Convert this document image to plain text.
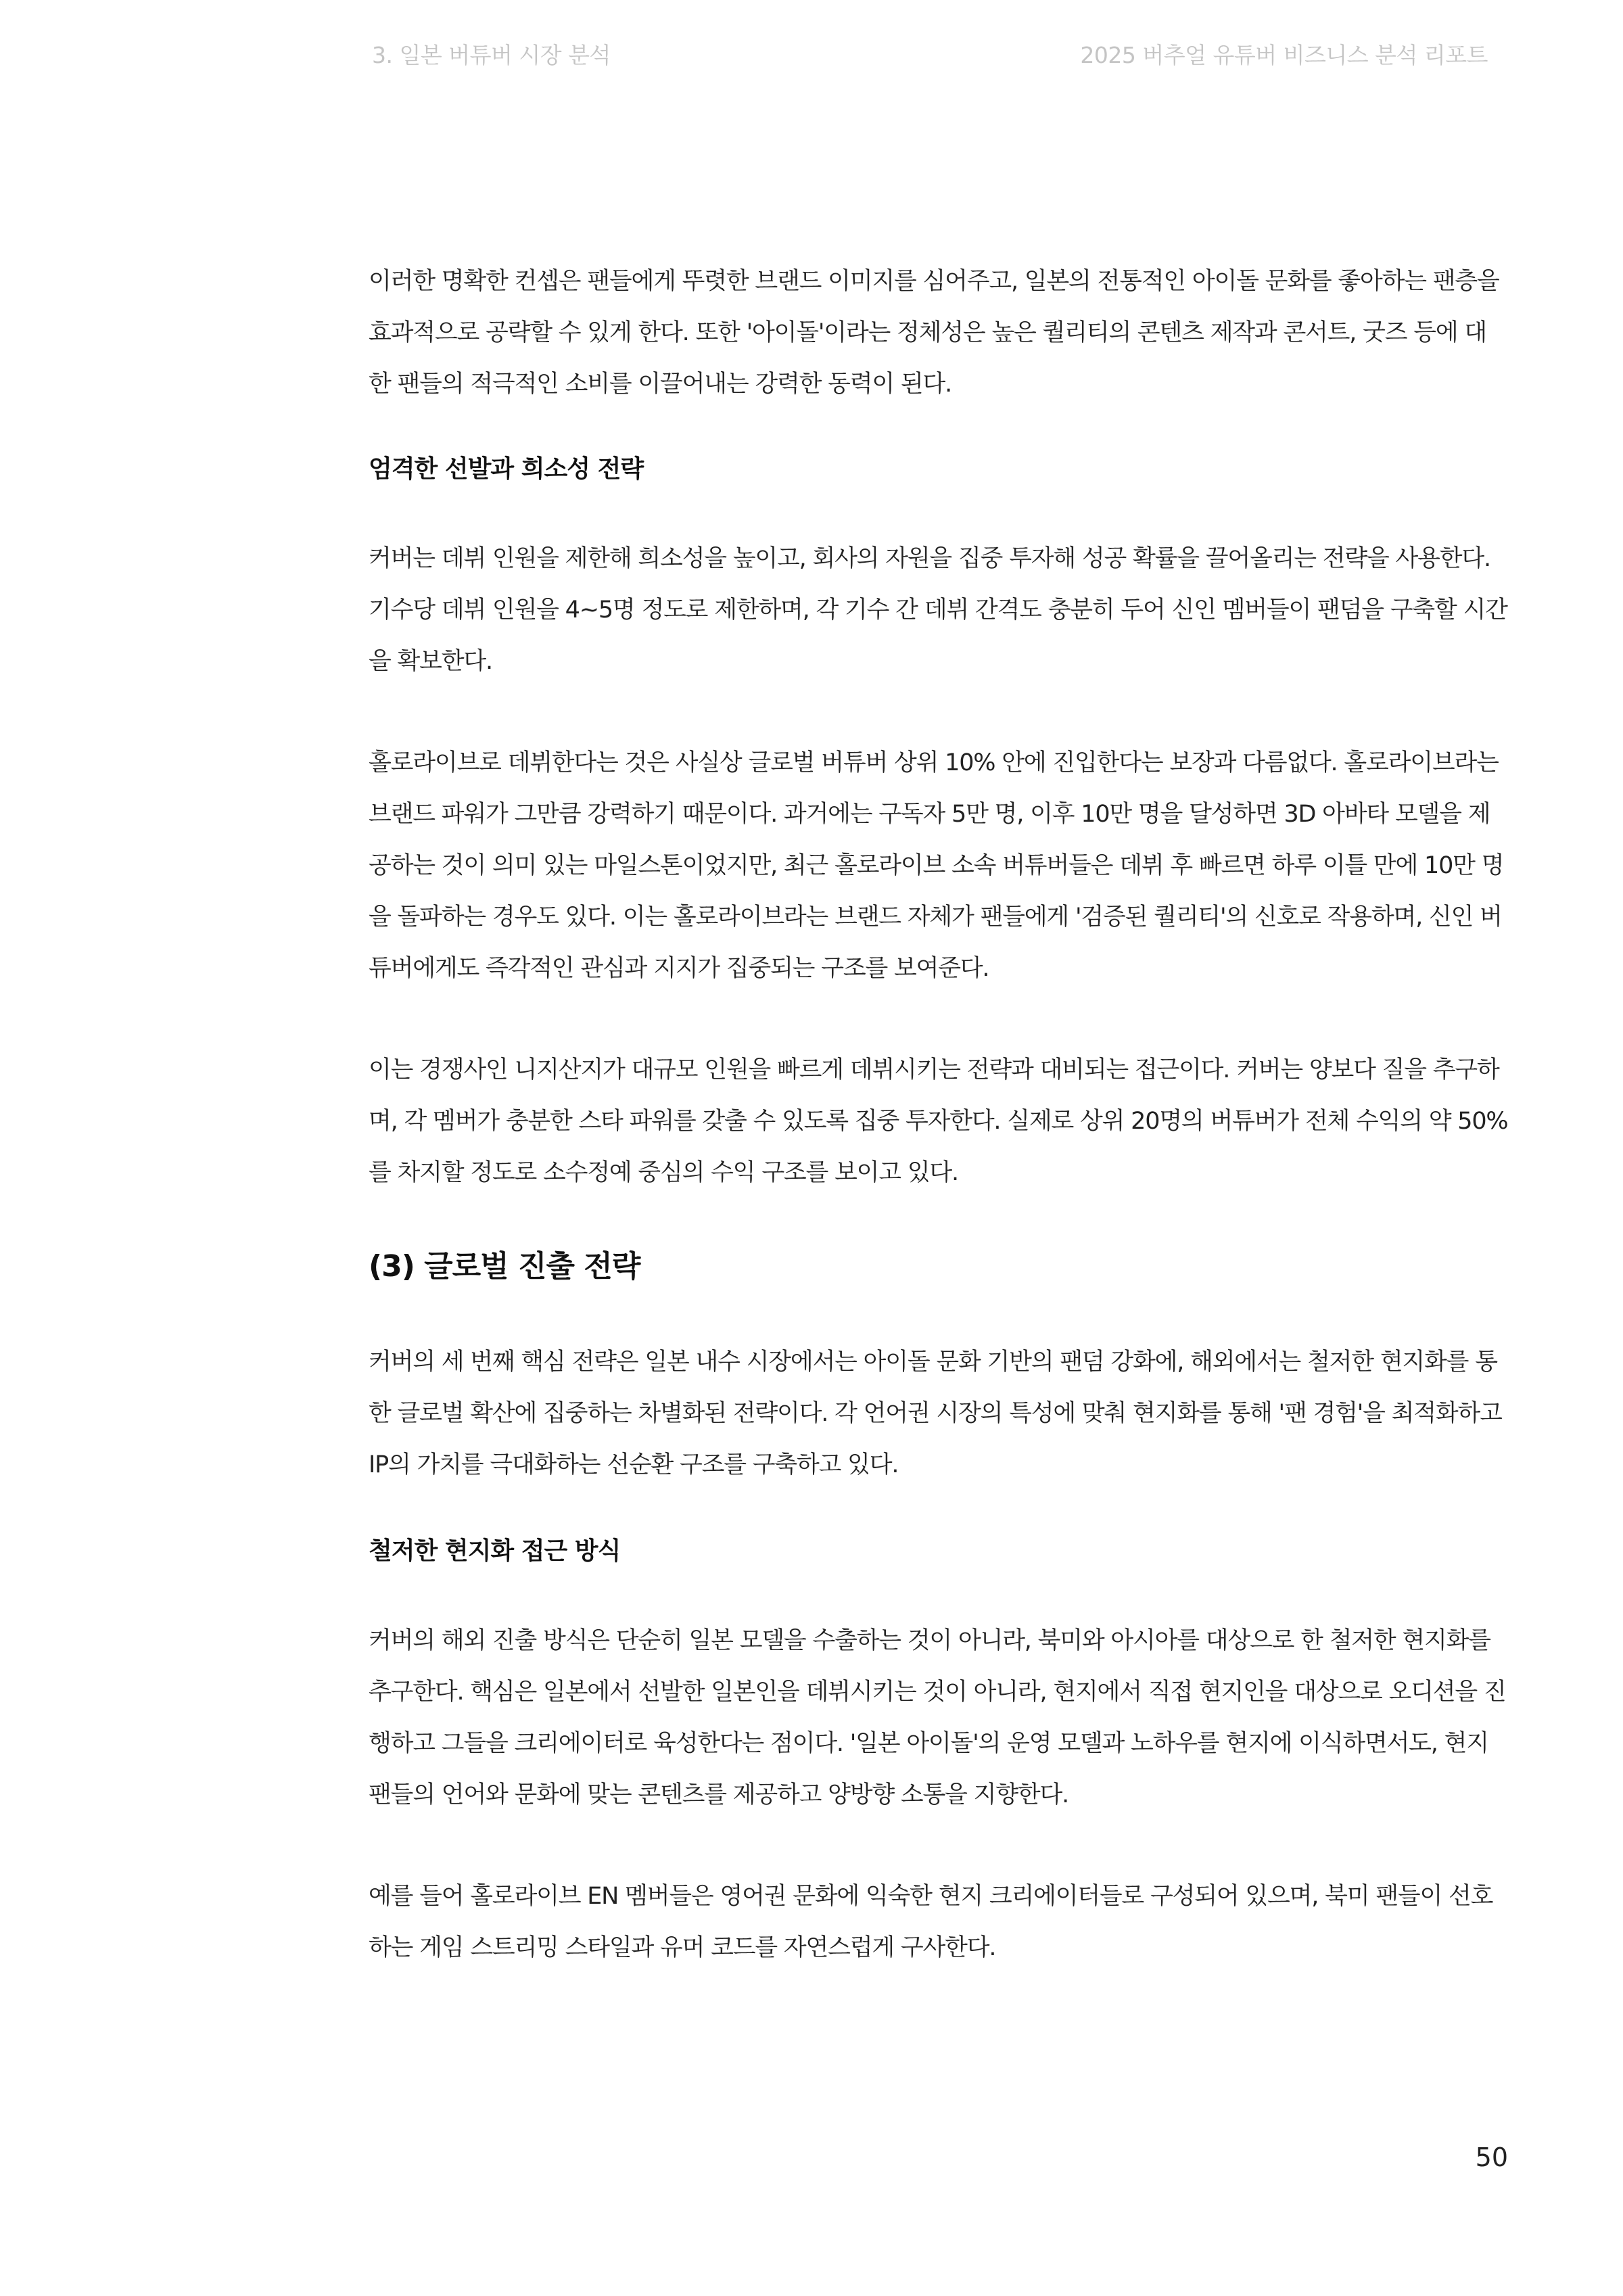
3. 일본 버튜버 시장 분석	2025 버추얼 유튜버 비즈니스 분석 리포트

이러한 명확한 컨셉은 팬들에게 뚜렷한 브랜드 이미지를 심어주고, 일본의 전통적인 아이돌 문화를 좋아하는 팬층을 효과적으로 공략할 수 있게 한다. 또한 '아이돌'이라는 정체성은 높은 퀄리티의 콘텐츠 제작과 콘서트, 굿즈 등에 대한 팬들의 적극적인 소비를 이끌어내는 강력한 동력이 된다.

엄격한 선발과 희소성 전략

커버는 데뷔 인원을 제한해 희소성을 높이고, 회사의 자원을 집중 투자해 성공 확률을 끌어올리는 전략을 사용한다. 기수당 데뷔 인원을 4~5명 정도로 제한하며, 각 기수 간 데뷔 간격도 충분히 두어 신인 멤버들이 팬덤을 구축할 시간을 확보한다.

홀로라이브로 데뷔한다는 것은 사실상 글로벌 버튜버 상위 10% 안에 진입한다는 보장과 다름없다. 홀로라이브라는 브랜드 파워가 그만큼 강력하기 때문이다. 과거에는 구독자 5만 명, 이후 10만 명을 달성하면 3D 아바타 모델을 제공하는 것이 의미 있는 마일스톤이었지만, 최근 홀로라이브 소속 버튜버들은 데뷔 후 빠르면 하루 이틀 만에 10만 명을 돌파하는 경우도 있다. 이는 홀로라이브라는 브랜드 자체가 팬들에게 '검증된 퀄리티'의 신호로 작용하며, 신인 버튜버에게도 즉각적인 관심과 지지가 집중되는 구조를 보여준다.

이는 경쟁사인 니지산지가 대규모 인원을 빠르게 데뷔시키는 전략과 대비되는 접근이다. 커버는 양보다 질을 추구하며, 각 멤버가 충분한 스타 파워를 갖출 수 있도록 집중 투자한다. 실제로 상위 20명의 버튜버가 전체 수익의 약 50%를 차지할 정도로 소수정예 중심의 수익 구조를 보이고 있다.

(3) 글로벌 진출 전략

커버의 세 번째 핵심 전략은 일본 내수 시장에서는 아이돌 문화 기반의 팬덤 강화에, 해외에서는 철저한 현지화를 통한 글로벌 확산에 집중하는 차별화된 전략이다. 각 언어권 시장의 특성에 맞춰 현지화를 통해 '팬 경험'을 최적화하고 IP의 가치를 극대화하는 선순환 구조를 구축하고 있다.

철저한 현지화 접근 방식

커버의 해외 진출 방식은 단순히 일본 모델을 수출하는 것이 아니라, 북미와 아시아를 대상으로 한 철저한 현지화를 추구한다. 핵심은 일본에서 선발한 일본인을 데뷔시키는 것이 아니라, 현지에서 직접 현지인을 대상으로 오디션을 진행하고 그들을 크리에이터로 육성한다는 점이다. '일본 아이돌'의 운영 모델과 노하우를 현지에 이식하면서도, 현지 팬들의 언어와 문화에 맞는 콘텐츠를 제공하고 양방향 소통을 지향한다.

예를 들어 홀로라이브 EN 멤버들은 영어권 문화에 익숙한 현지 크리에이터들로 구성되어 있으며, 북미 팬들이 선호하는 게임 스트리밍 스타일과 유머 코드를 자연스럽게 구사한다.

50
